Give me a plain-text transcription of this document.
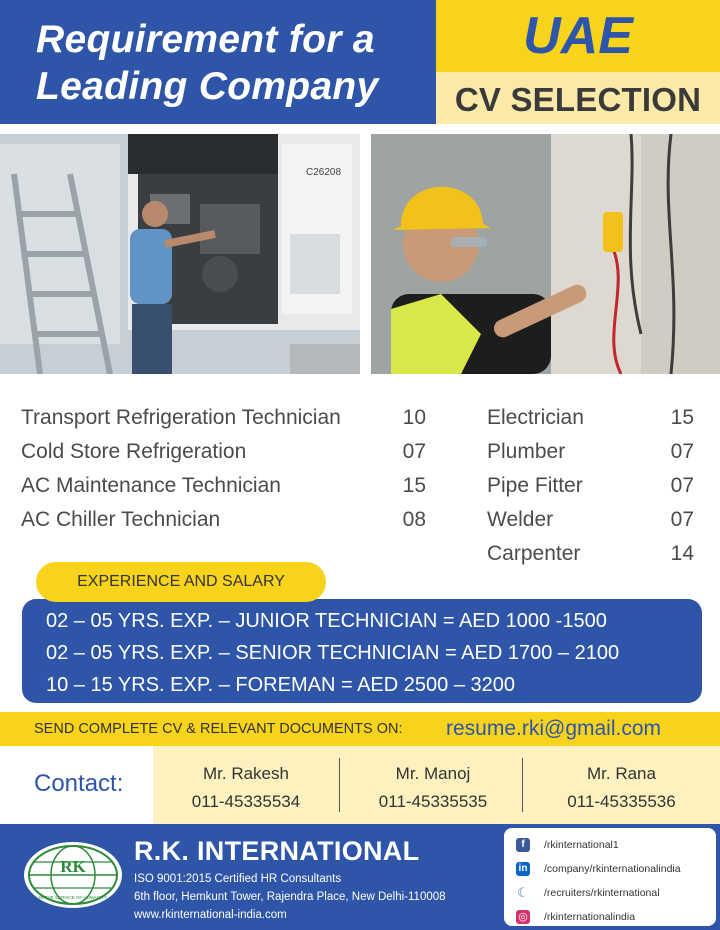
Requirement for a
Leading Company
UAE
CV SELECTION
C26208
Transport Refrigeration Technician	10
Cold Store Refrigeration	07
AC Maintenance Technician	15
AC Chiller Technician	08
Electrician	15
Plumber	07
Pipe Fitter	07
Welder	07
Carpenter	14
EXPERIENCE AND SALARY
02 – 05 YRS. EXP. – JUNIOR TECHNICIAN = AED 1000 -1500
02 – 05 YRS. EXP. – SENIOR TECHNICIAN = AED 1700 – 2100
10 – 15 YRS. EXP. – FOREMAN = AED 2500 – 3200
SEND COMPLETE CV & RELEVANT DOCUMENTS ON: resume.rki@gmail.com
Contact:	Mr. Rakesh
011-45335534
Mr. Manoj
011-45335535
Mr. Rana
011-45335536
RK
IN THE SERVICE OF HUMANITY
R.K. INTERNATIONAL
ISO 9001:2015 Certified HR Consultants
6th floor, Hemkunt Tower, Rajendra Place, New Delhi-110008
www.rkinternational-india.com
f	/rkinternational1
in /company/rkinternationalindia
☾ /recruiters/rkinternational
◎ /rkinternationalindia
